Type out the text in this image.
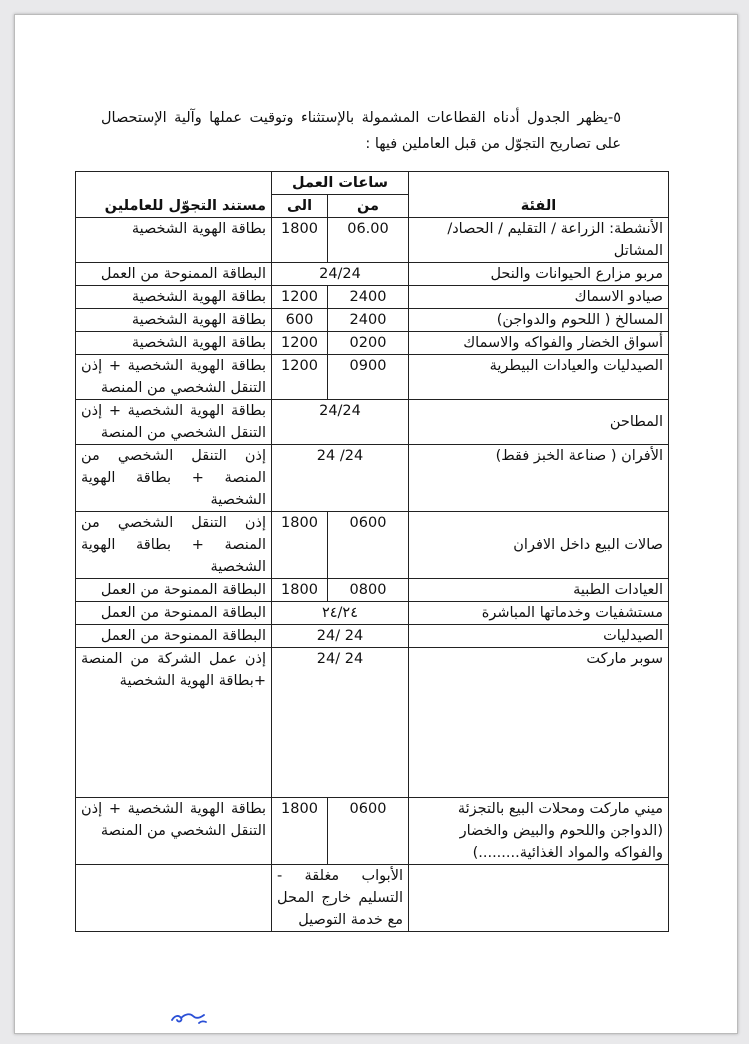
٥-يظهر الجدول أدناه القطاعات المشمولة بالإستثناء وتوقيت عملها وآلية الإستحصال على تصاريح التجوّل من قبل العاملين فيها :
مستند التجوّل للعاملين	ساعات العمل		الفئة
	الى	من	
بطاقة الهوية الشخصية	1800	06.00	الأنشطة: الزراعة / التقليم / الحصاد/ المشاتل
البطاقة الممنوحة من العمل	24/24		مربو مزارع الحيوانات والنحل
بطاقة الهوية الشخصية	1200	2400	صيادو الاسماك
بطاقة الهوية الشخصية	600	2400	المسالخ ( اللحوم والدواجن)
بطاقة الهوية الشخصية	1200	0200	أسواق الخضار والفواكه والاسماك
بطاقة الهوية الشخصية + إذن التنقل الشخصي من المنصة	1200	0900	الصيدليات والعيادات البيطرية
بطاقة الهوية الشخصية + إذن التنقل الشخصي من المنصة	24/24		المطاحن
إذن التنقل الشخصي من المنصة + بطاقة الهوية الشخصية	24 /24		الأفران ( صناعة الخبز فقط)
إذن التنقل الشخصي من المنصة + بطاقة الهوية الشخصية	1800	0600	صالات البيع داخل الافران
البطاقة الممنوحة من العمل	1800	0800	العيادات الطبية
البطاقة الممنوحة من العمل	٢٤/٢٤		مستشفيات وخدماتها المباشرة
البطاقة الممنوحة من العمل	24/ 24		الصيدليات
إذن عمل الشركة من المنصة +بطاقة الهوية الشخصية	24/ 24		سوبر ماركت
بطاقة الهوية الشخصية + إذن التنقل الشخصي من المنصة	1800	0600	ميني ماركت ومحلات البيع بالتجزئة (الدواجن واللحوم والبيض والخضار والفواكه والمواد الغذائية.........)
	الأبواب مغلقة - التسليم خارج المحل مع خدمة التوصيل		
